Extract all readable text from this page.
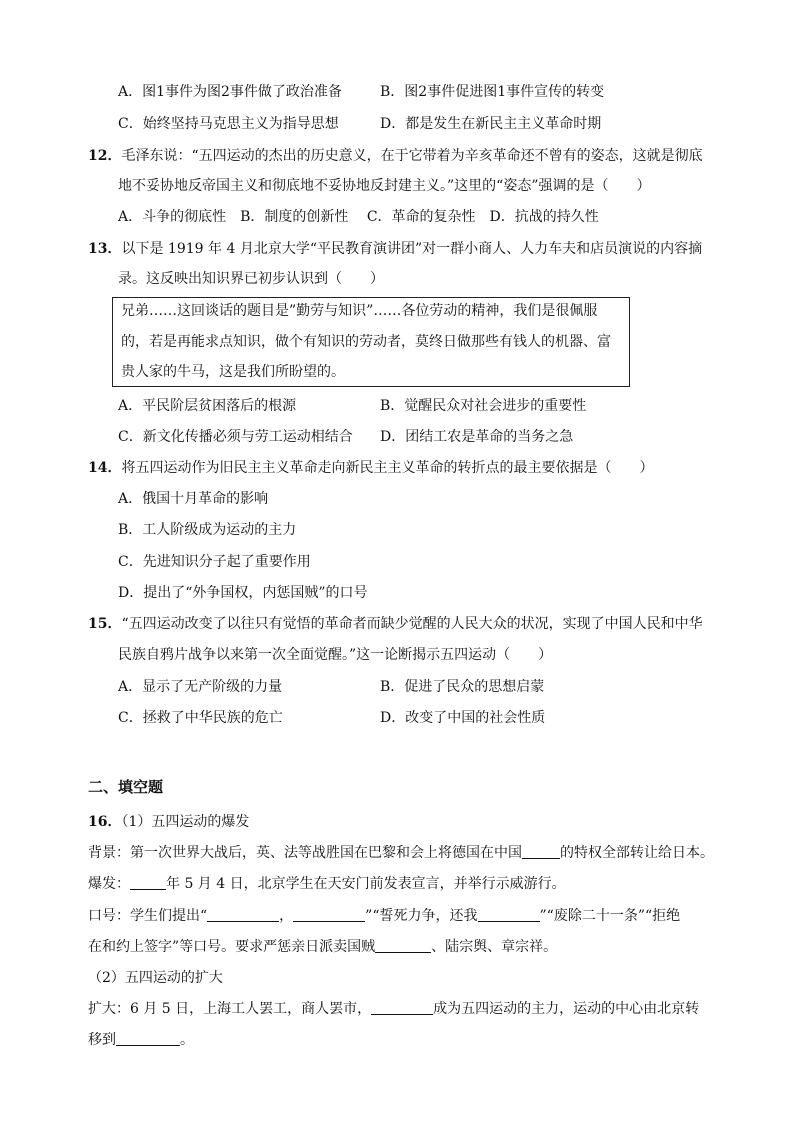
A．图1事件为图2事件做了政治准备	B．图2事件促进图1事件宣传的转变
C．始终坚持马克思主义为指导思想	D．都是发生在新民主主义革命时期
12．毛泽东说：“五四运动的杰出的历史意义，在于它带着为辛亥革命还不曾有的姿态，这就是彻底
地不妥协地反帝国主义和彻底地不妥协地反封建主义。”这里的“姿态”强调的是（　　）
A．斗争的彻底性　B．制度的创新性　 C．革命的复杂性　D．抗战的持久性
13．以下是 1919 年 4 月北京大学“平民教育演讲团”对一群小商人、人力车夫和店员演说的内容摘
录。这反映出知识界已初步认识到（　　）
兄弟……这回谈话的题目是”勤劳与知识”……各位劳动的精神，我们是很佩服
的，若是再能求点知识，做个有知识的劳动者，莫终日做那些有钱人的机器、富
贵人家的牛马，这是我们所盼望的。
A．平民阶层贫困落后的根源	B．觉醒民众对社会进步的重要性
C．新文化传播必须与劳工运动相结合 D．团结工农是革命的当务之急
14．将五四运动作为旧民主主义革命走向新民主主义革命的转折点的最主要依据是（　　）
A．俄国十月革命的影响
B．工人阶级成为运动的主力
C．先进知识分子起了重要作用
D．提出了“外争国权，内惩国贼”的口号
15．“五四运动改变了以往只有觉悟的革命者而缺少觉醒的人民大众的状况，实现了中国人民和中华
民族自鸦片战争以来第一次全面觉醒。”这一论断揭示五四运动（　　）
A．显示了无产阶级的力量	B．促进了民众的思想启蒙
C．拯救了中华民族的危亡	D．改变了中国的社会性质
二、填空题
16．（1）五四运动的爆发
背景：第一次世界大战后，英、法等战胜国在巴黎和会上将德国在中国	的特权全部转让给日本。
爆发：	年 5 月 4 日，北京学生在天安门前发表宣言，并举行示威游行。
口号：学生们提出“	，	”“誓死力争，还我	”“废除二十一条”“拒绝
在和约上签字”等口号。要求严惩亲日派卖国贼	、陆宗舆、章宗祥。
（2）五四运动的扩大
扩大：6 月 5 日，上海工人罢工，商人罢市，	成为五四运动的主力，运动的中心由北京转
移到	。
